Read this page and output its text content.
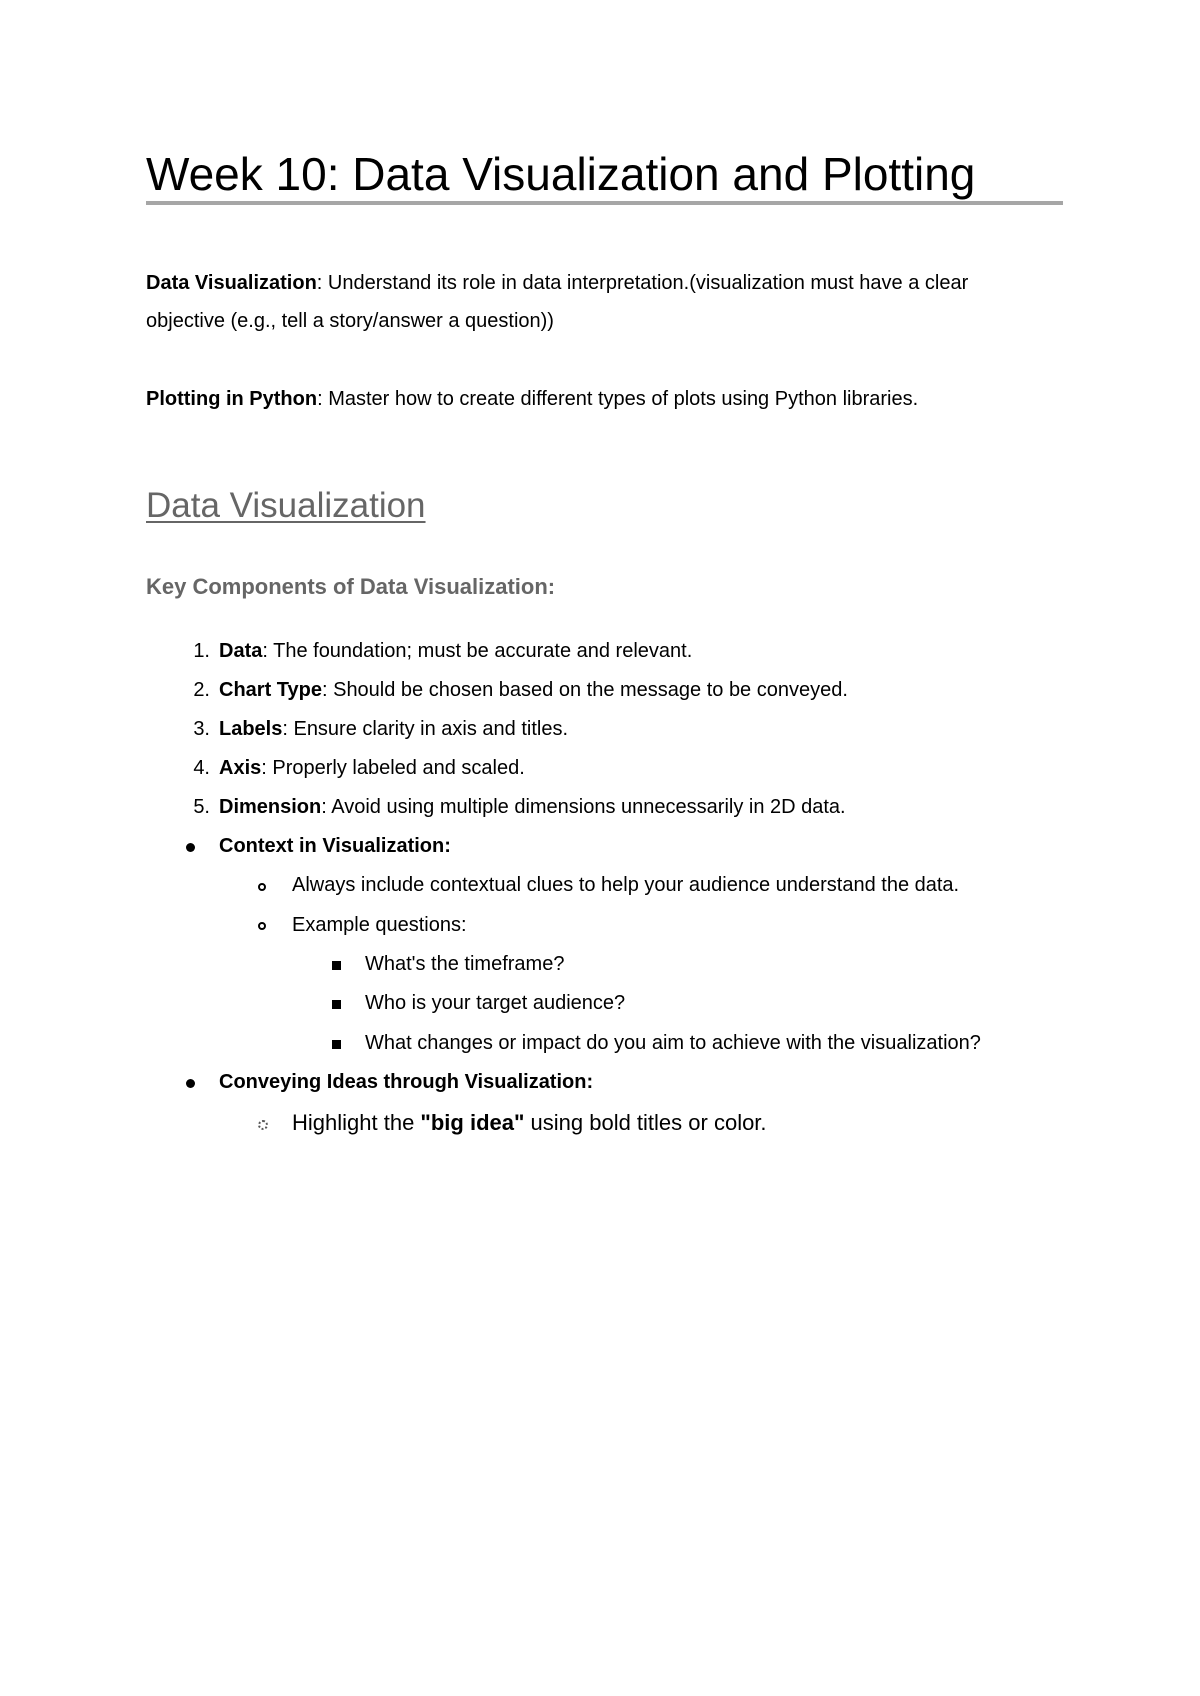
Week 10: Data Visualization and Plotting

Data Visualization: Understand its role in data interpretation.(visualization must have a clear objective (e.g., tell a story/answer a question))

Plotting in Python: Master how to create different types of plots using Python libraries.

Data Visualization
Key Components of Data Visualization:
1. Data: The foundation; must be accurate and relevant.
2. Chart Type: Should be chosen based on the message to be conveyed.
3. Labels: Ensure clarity in axis and titles.
4. Axis: Properly labeled and scaled.
5. Dimension: Avoid using multiple dimensions unnecessarily in 2D data.
Context in Visualization:
Always include contextual clues to help your audience understand the data.
Example questions:
What's the timeframe?
Who is your target audience?
What changes or impact do you aim to achieve with the visualization?
Conveying Ideas through Visualization:
Highlight the "big idea" using bold titles or color.
